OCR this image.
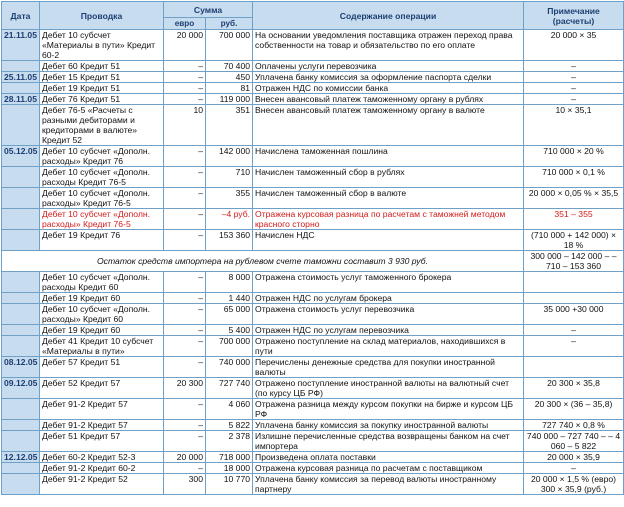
Дата	Проводка	Сумма		Содержание операции	Примечание (расчеты)
		евро	руб.		
21.11.05	Дебет 10 субсчет «Материалы в пути» Кредит 60-2	20 000	700 000	На основании уведомления поставщика отражен переход права собственности на товар и обязательство по его оплате	20 000 × 35
	Дебет 60 Кредит 51	–	70 400	Оплачены услуги перевозчика	–
25.11.05	Дебет 15 Кредит 51	–	450	Уплачена банку комиссия за оформление паспорта сделки	–
	Дебет 19 Кредит 51	–	81	Отражен НДС по комиссии банка	–
28.11.05	Дебет 76 Кредит 51	–	119 000	Внесен авансовый платеж таможенному органу в рублях	–
	Дебет 76-5 «Расчеты с разными дебиторами и кредиторами в валюте» Кредит 52	10	351	Внесен авансовый платеж таможенному органу в валюте	10 × 35,1
05.12.05	Дебет 10 субсчет «Дополн. расходы» Кредит 76	–	142 000	Начислена таможенная пошлина	710 000 × 20 %
	Дебет 10 субсчет «Дополн. расходы Кредит 76-5	–	710	Начислен таможенный сбор в рублях	710 000 × 0,1 %
	Дебет 10 субсчет «Дополн. расходы» Кредит 76-5	–	355	Начислен таможенный сбор в валюте	20 000 × 0,05 % × 35,5
	Дебет 10 субсчет «Дополн. расходы» Кредит 76-5	–	–4 руб.	Отражена курсовая разница по расчетам с таможней методом красного сторно	351 – 355
	Дебет 19 Кредит 76	–	153 360	Начислен НДС	(710 000 + 142 000) × 18 %
Остаток средств импортера на рублевом счете таможни составит 3 930 руб.					300 000 – 142 000 – – 710 – 153 360
	Дебет 10 субсчет «Дополн. расходы Кредит 60	–	8 000	Отражена стоимость услуг таможенного брокера	
	Дебет 19 Кредит 60	–	1 440	Отражен НДС по услугам брокера	
	Дебет 10 субсчет «Дополн. расходы» Кредит 60	–	65 000	Отражена стоимость услуг перевозчика	35 000 +30 000
	Дебет 19 Кредит 60	–	5 400	Отражен НДС по услугам перевозчика	–
	Дебет 41 Кредит 10 субсчет «Материалы в пути»	–	700 000	Отражено поступление на склад материалов, находившихся в пути	–
08.12.05	Дебет 57 Кредит 51	–	740 000	Перечислены денежные средства для покупки иностранной валюты	
09.12.05	Дебет 52 Кредит 57	20 300	727 740	Отражено поступление иностранной валюты на валютный счет (по курсу ЦБ РФ)	20 300 × 35,8
	Дебет 91-2 Кредит 57	–	4 060	Отражена разница между курсом покупки на бирже и курсом ЦБ РФ	20 300 × (36 – 35,8)
	Дебет 91-2 Кредит 57	–	5 822	Уплачена банку комиссия за покупку иностранной валюты	727 740 × 0,8 %
	Дебет 51 Кредит 57	–	2 378	Излишне перечисленные средства возвращены банком на счет импортера	740 000 – 727 740 – – 4 060 – 5 822
12.12.05	Дебет 60-2 Кредит 52-3	20 000	718 000	Произведена оплата поставки	20 000 × 35,9
	Дебет 91-2 Кредит 60-2	–	18 000	Отражена курсовая разница по расчетам с поставщиком	–
	Дебет 91-2 Кредит 52	300	10 770	Уплачена банку комиссия за перевод валюты иностранному партнеру	20 000 × 1,5 % (евро) 300 × 35,9 (руб.)
